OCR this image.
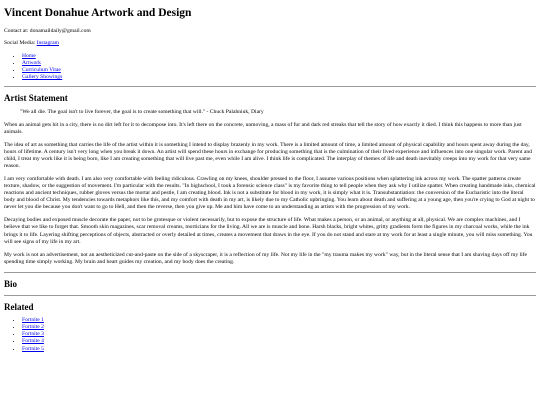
Vincent Donahue Artwork and Design

Contact at: donamaildaily@gmail.com

Social Media: Instagram

• Home
• Artwork
• Curriculum Vitae
• Gallery Showings
Artist Statement

"We all die. The goal isn't to live forever, the goal is to create something that will." - Chuck Palahniuk, Diary

When an animal gets hit in a city, there is no dirt left for it to decompose into. It's left there on the concrete, unmoving, a mass of fur and dark red streaks that tell the story of how exactly it died. I think this happens to more than just animals.

The idea of art as something that carries the life of the artist within it is something I intend to display brazenly in my work. There is a limited amount of time, a limited amount of physical capability and hours spent away during the day, hours of lifetime. A century isn't very long when you break it down. An artist will spend these hours in exchange for producing something that is the culmination of their lived experience and influences into one singular work. Parent and child, I treat my work like it is being born, like I am creating something that will live past me, even while I am alive. I think life is complicated. The interplay of themes of life and death inevitably creeps into my work for that very same reason.

I am very comfortable with death. I am also very comfortable with feeling ridiculous. Crawling on my knees, shoulder pressed to the floor, I assume various positions when splattering ink across my work. The spatter patterns create texture, shadow, or the suggestion of movement. I'm particular with the results. "In highschool, I took a forensic science class" is my favorite thing to tell people when they ask why I utilize spatter. When creating handmade inks, chemical reactions and ancient techniques, rubber gloves versus the mortar and pestle, I am creating blood. Ink is not a substitute for blood in my work, it is simply what it is. Transubstantiation: the conversion of the Eucharistic into the literal body and blood of Christ. My tendencies towards metaphors like this, and my comfort with death in my art, is likely due to my Catholic upbringing. You learn about death and suffering at a young age, then you're crying to God at night to never let you die because you don't want to go to Hell, and then the reverse, then you give up. Me and him have come to an understanding as artists with the progression of my work.

Decaying bodies and exposed muscle decorate the paper, not to be grotesque or violent necessarily, but to expose the structure of life. What makes a person, or an animal, or anything at all, physical. We are complex machines, and I believe that we like to forget that. Smooth skin magazines, scar removal creams, morticians for the living. All we are is muscle and bone. Harsh blacks, bright whites, gritty gradients form the figures in my charcoal works, while the ink brings it to life. Layering shifting perceptions of objects, abstracted or overly detailed at times, creates a movement that draws in the eye. If you do not stand and stare at my work for at least a single minute, you will miss something. You will see signs of my life in my art.

My work is not an advertisement, not an aestheticized cut-and-paste on the side of a skyscraper, it is a reflection of my life. Not my life in the "my trauma makes my work" way, but in the literal sense that I am shaving days off my life spending time simply working. My brain and heart guides my creation, and my body does the creating.

Bio
Related
• Fortnite 1
• Fortnite 2
• Fortnite 3
• Fortnite 4
• Fortnite 5
